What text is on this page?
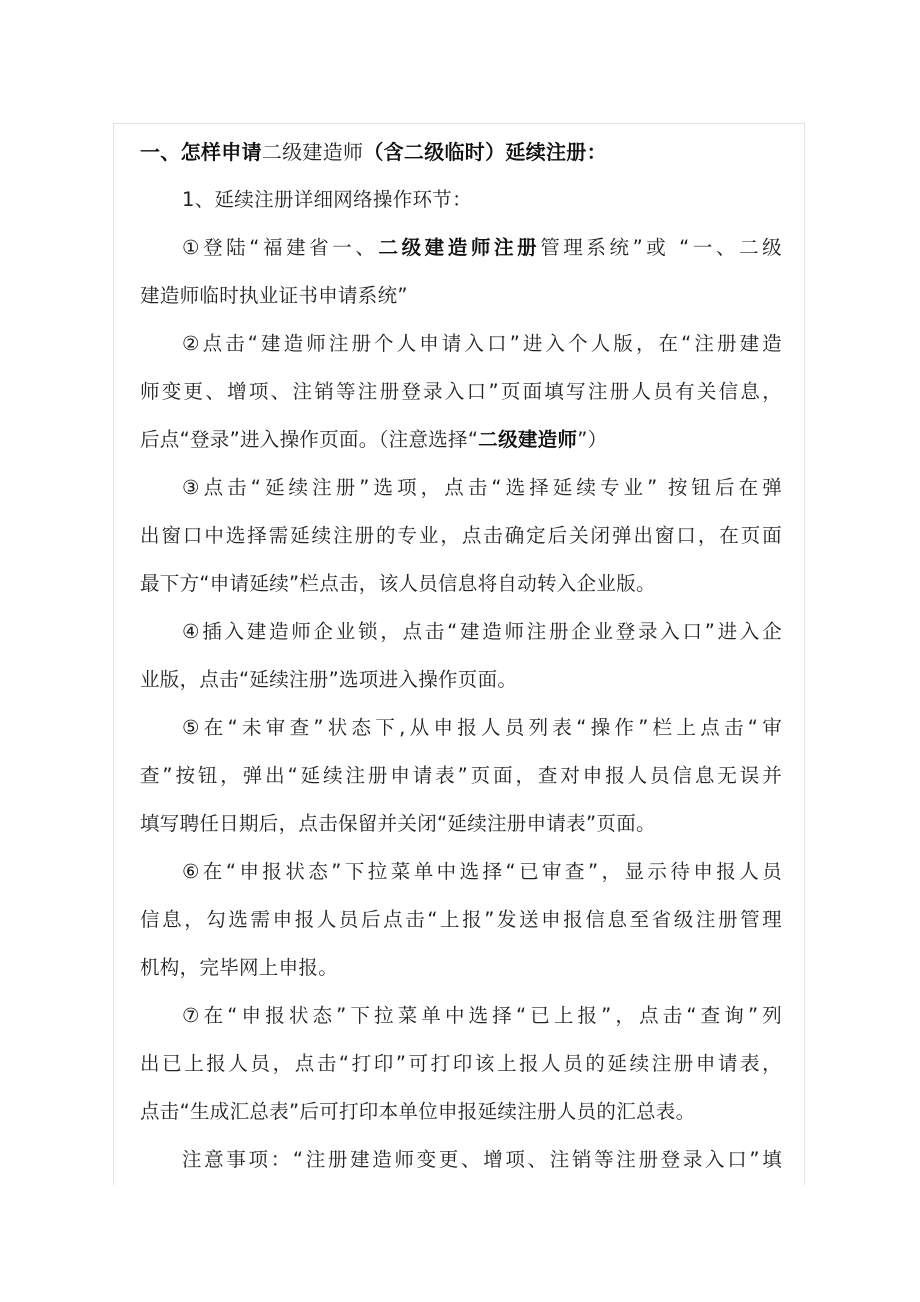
一、怎样申请二级建造师（含二级临时）延续注册：
1、延续注册详细网络操作环节：
①登陆“福建省一、二级建造师注册管理系统”或 “一、二级
建造师临时执业证书申请系统”
②点击“建造师注册个人申请入口”进入个人版，在“注册建造
师变更、增项、注销等注册登录入口”页面填写注册人员有关信息，
后点“登录”进入操作页面。（注意选择“二级建造师”）
③点击“延续注册”选项，点击“选择延续专业” 按钮后在弹
出窗口中选择需延续注册的专业，点击确定后关闭弹出窗口，在页面
最下方“申请延续”栏点击，该人员信息将自动转入企业版。
④插入建造师企业锁，点击“建造师注册企业登录入口”进入企
业版，点击“延续注册”选项进入操作页面。
⑤在“未审查”状态下,从申报人员列表“操作”栏上点击“审
查”按钮，弹出“延续注册申请表”页面，查对申报人员信息无误并
填写聘任日期后，点击保留并关闭“延续注册申请表”页面。
⑥在“申报状态”下拉菜单中选择“已审查”，显示待申报人员
信息，勾选需申报人员后点击“上报”发送申报信息至省级注册管理
机构，完毕网上申报。
⑦在“申报状态”下拉菜单中选择“已上报”，点击“查询”列
出已上报人员，点击“打印”可打印该上报人员的延续注册申请表，
点击“生成汇总表”后可打印本单位申报延续注册人员的汇总表。
注意事项：“注册建造师变更、增项、注销等注册登录入口”填
